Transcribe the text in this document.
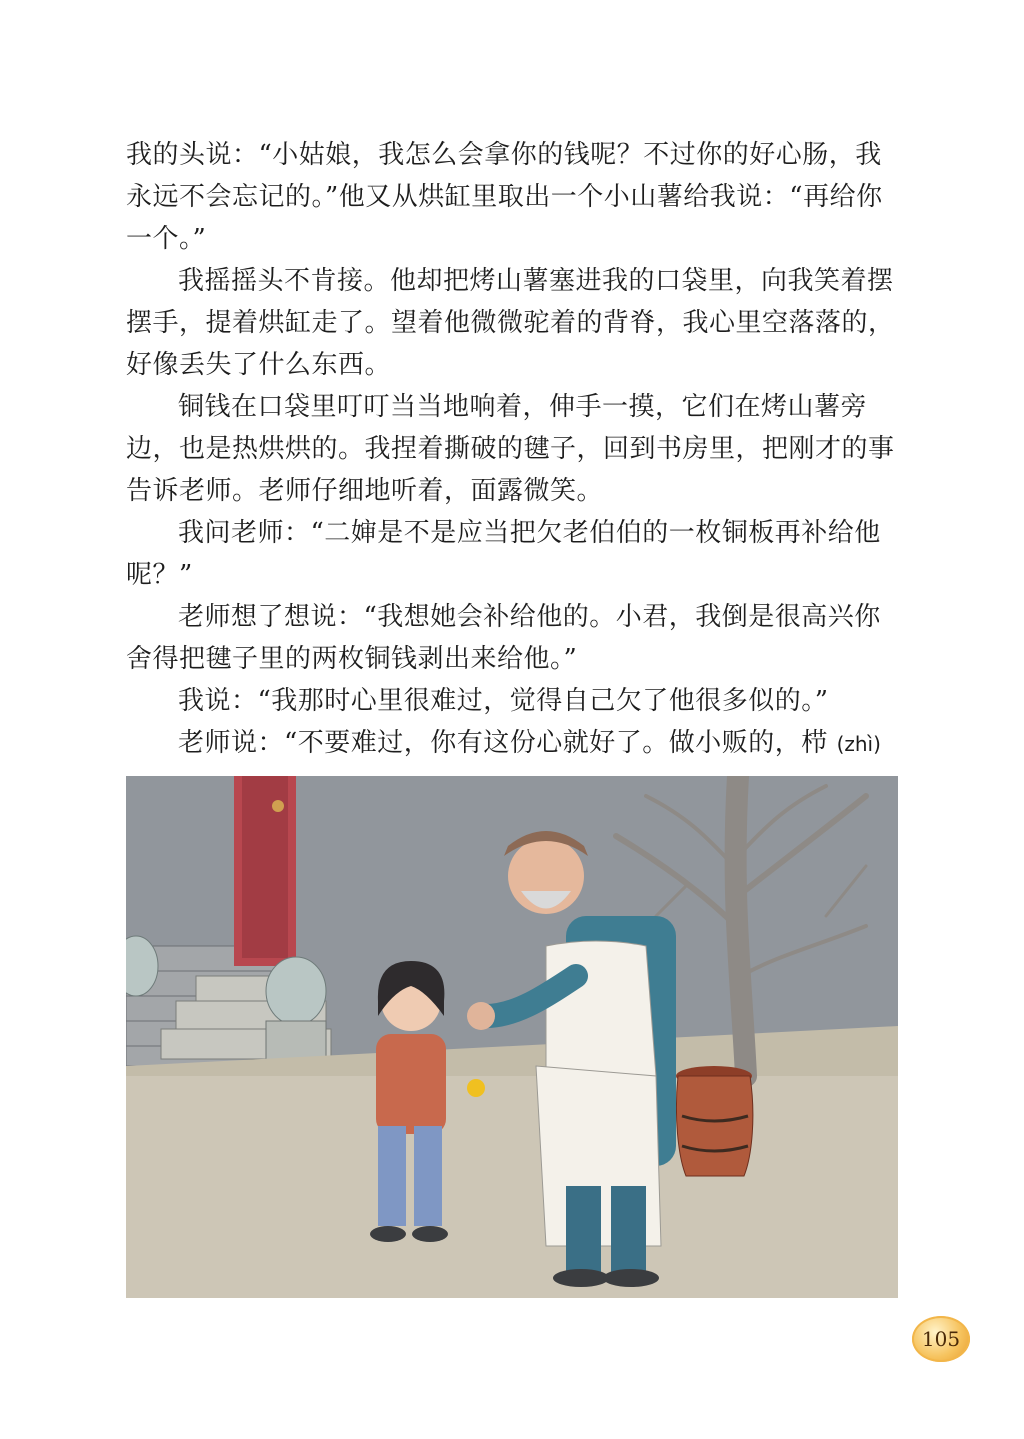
我的头说：“小姑娘，我怎么会拿你的钱呢？不过你的好心肠，我永远不会忘记的。”他又从烘缸里取出一个小山薯给我说：“再给你一个。”

我摇摇头不肯接。他却把烤山薯塞进我的口袋里，向我笑着摆摆手，提着烘缸走了。望着他微微驼着的背脊，我心里空落落的，好像丢失了什么东西。

铜钱在口袋里叮叮当当地响着，伸手一摸，它们在烤山薯旁边，也是热烘烘的。我捏着撕破的毽子，回到书房里，把刚才的事告诉老师。老师仔细地听着，面露微笑。

我问老师：“二婶是不是应当把欠老伯伯的一枚铜板再补给他呢？”

老师想了想说：“我想她会补给他的。小君，我倒是很高兴你舍得把毽子里的两枚铜钱剥出来给他。”

我说：“我那时心里很难过，觉得自己欠了他很多似的。”

老师说：“不要难过，你有这份心就好了。做小贩的，栉 (zhì)

105
